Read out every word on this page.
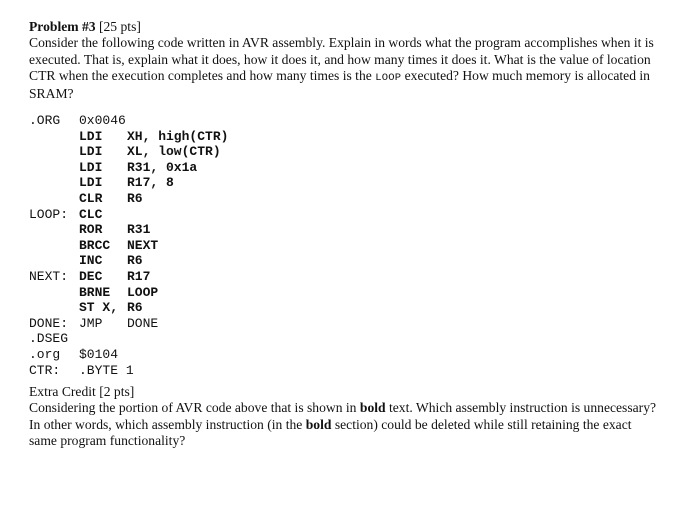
Problem #3 [25 pts]
Consider the following code written in AVR assembly. Explain in words what the program accomplishes when it is executed. That is, explain what it does, how it does it, and how many times it does it. What is the value of location CTR when the execution completes and how many times is the LOOP executed? How much memory is allocated in SRAM?

.ORG

0x0046

LDI XH, high(CTR)
LDI XL, low(CTR)
LDI R31, 0x1a
LDI R17, 8
CLR R6
LOOP: CLC
ROR R31
BRCC NEXT
INC R6
NEXT: DEC R17
BRNE LOOP
ST X, R6

DONE:

JMP

DONE

.DSEG

.org

$0104

CTR:

.BYTE 1

Extra Credit [2 pts]
Considering the portion of AVR code above that is shown in bold text. Which assembly instruction is unnecessary? In other words, which assembly instruction (in the bold section) could be deleted while still retaining the exact same program functionality?
